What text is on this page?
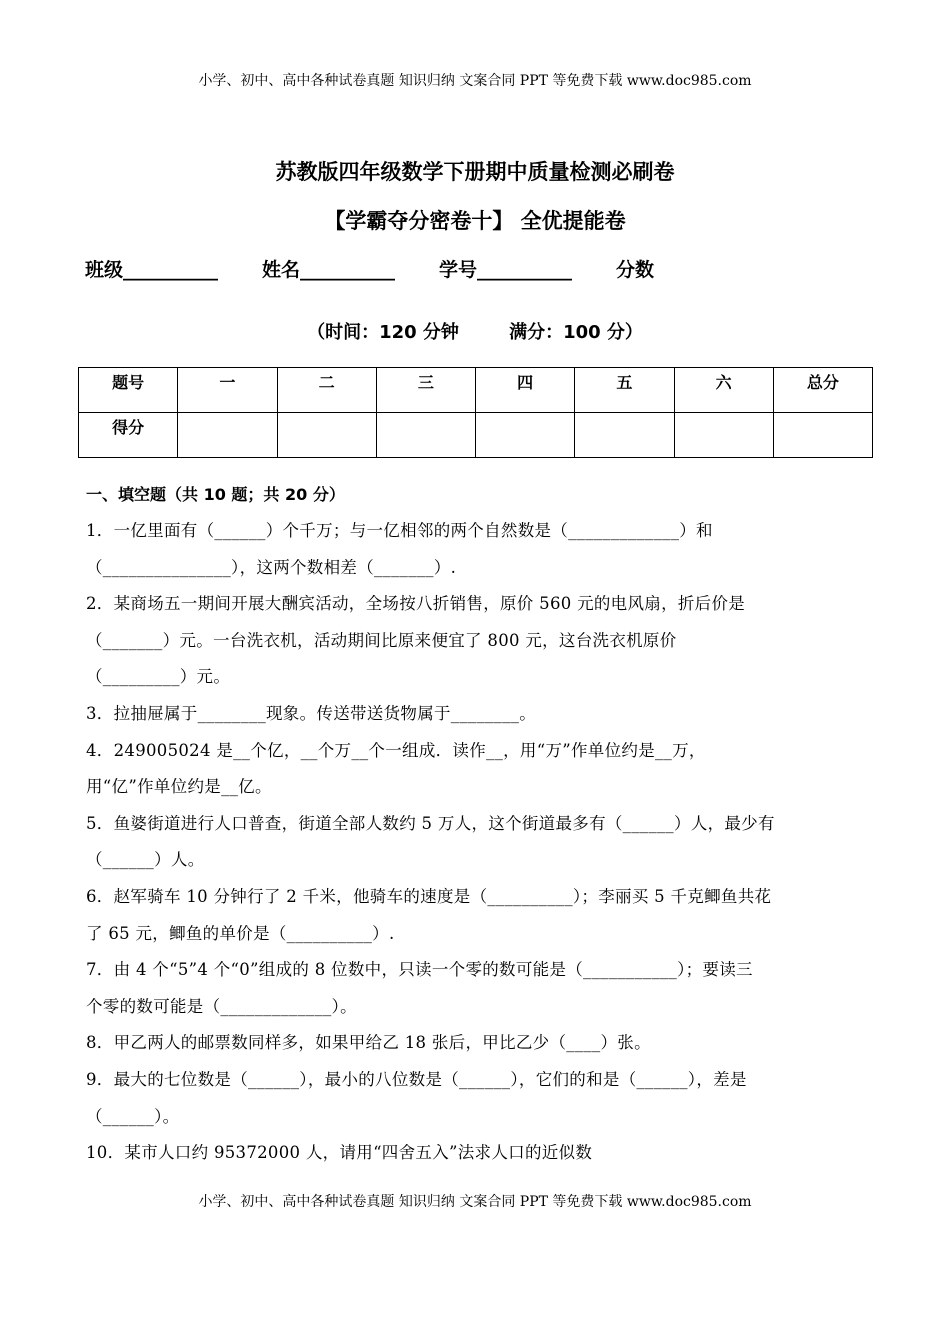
小学、初中、高中各种试卷真题 知识归纳 文案合同 PPT 等免费下载 www.doc985.com
苏教版四年级数学下册期中质量检测必刷卷
【学霸夺分密卷十】 全优提能卷
班级__________ 姓名__________ 学号__________ 分数
（时间：120 分钟        满分：100 分）
题号	一	二	三	四	五	六	总分
得分							
一、填空题（共 10 题；共 20 分）
1．一亿里面有（______）个千万；与一亿相邻的两个自然数是（_____________）和
（_______________），这两个数相差（_______）.
2．某商场五一期间开展大酬宾活动，全场按八折销售，原价 560 元的电风扇，折后价是
（_______）元。一台洗衣机，活动期间比原来便宜了 800 元，这台洗衣机原价
（_________）元。
3．拉抽屉属于________现象。传送带送货物属于________。
4．249005024 是__个亿，__个万__个一组成．读作__，用“万”作单位约是__万，
用“亿”作单位约是__亿。
5．鱼婆街道进行人口普查，街道全部人数约 5 万人，这个街道最多有（______）人，最少有
（______）人。
6．赵军骑车 10 分钟行了 2 千米，他骑车的速度是（__________）；李丽买 5 千克鲫鱼共花
了 65 元，鲫鱼的单价是（__________）.
7．由 4 个“5”4 个“0”组成的 8 位数中，只读一个零的数可能是（___________）；要读三
个零的数可能是（_____________）。
8．甲乙两人的邮票数同样多，如果甲给乙 18 张后，甲比乙少（____）张。
9．最大的七位数是（______），最小的八位数是（______），它们的和是（______），差是
（______）。
10．某市人口约 95372000 人，请用“四舍五入”法求人口的近似数
小学、初中、高中各种试卷真题 知识归纳 文案合同 PPT 等免费下载 www.doc985.com
